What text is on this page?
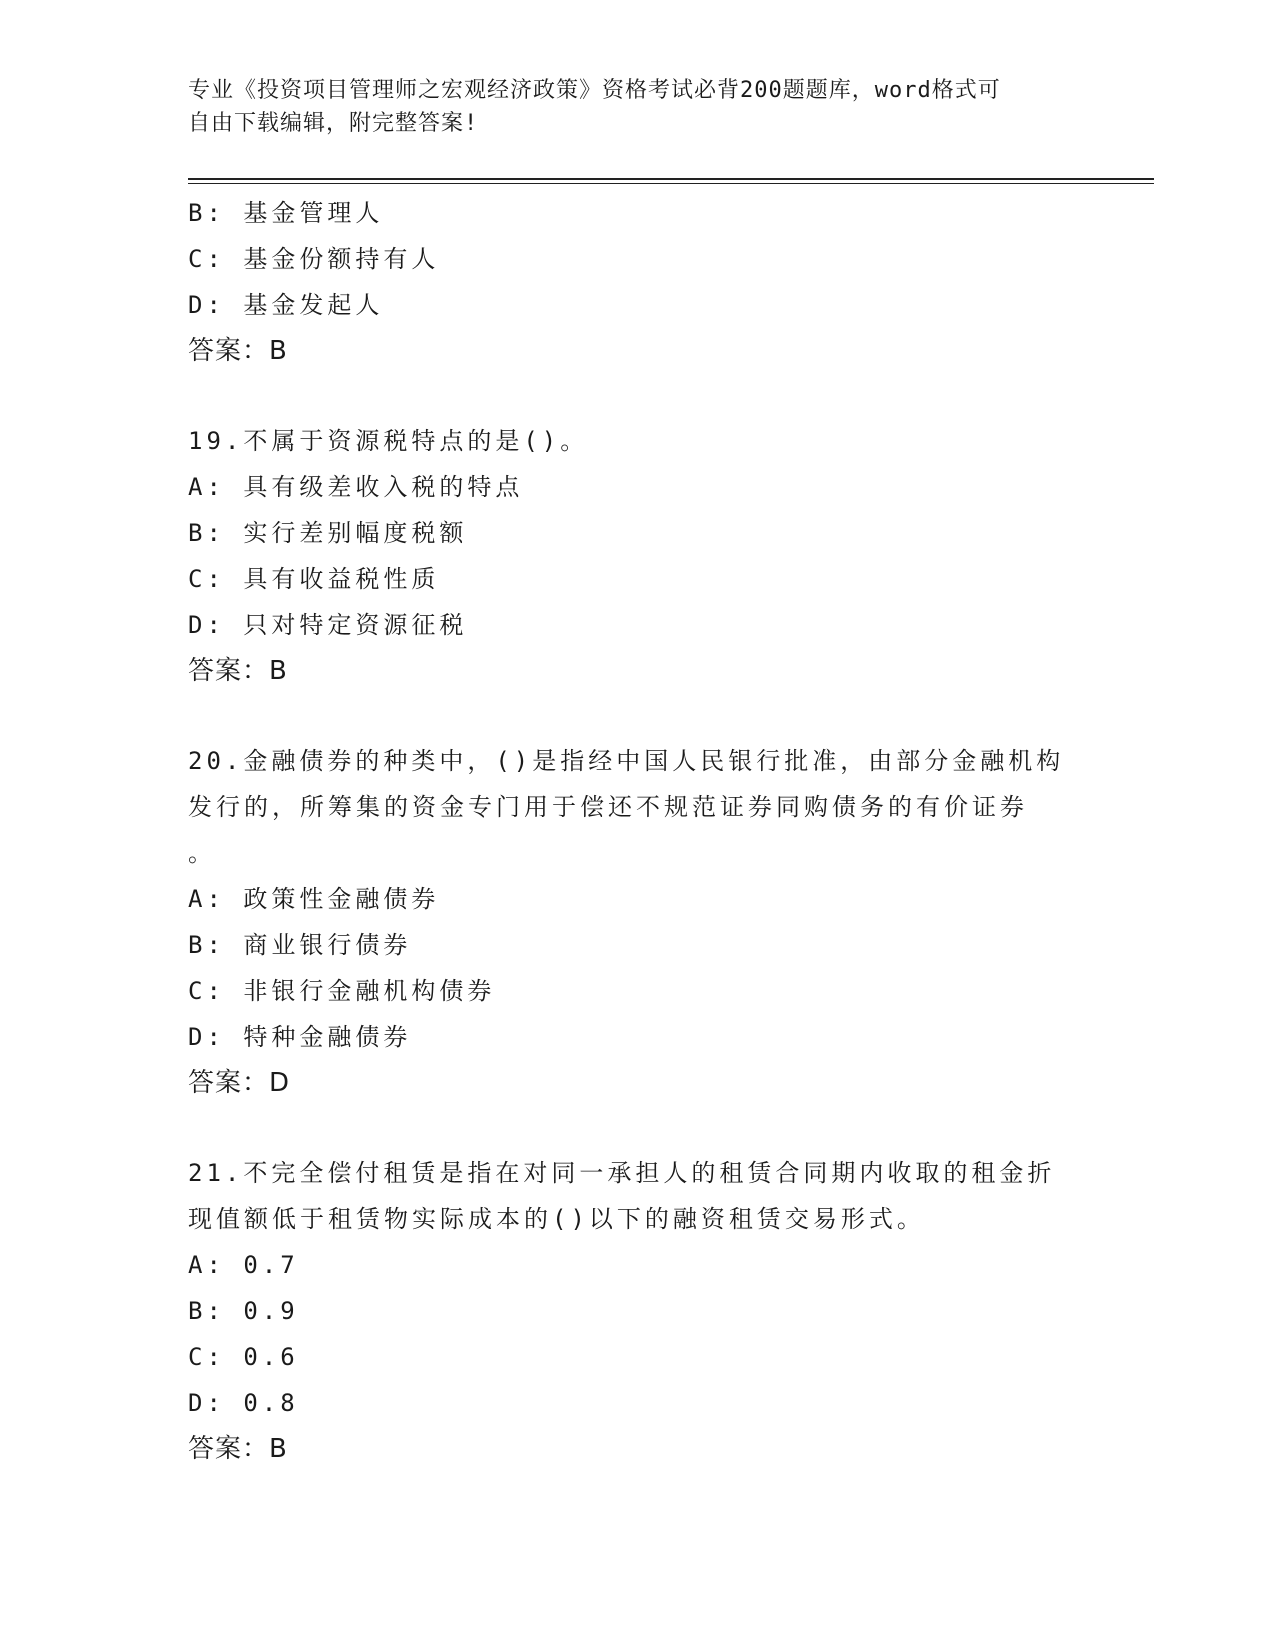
专业《投资项目管理师之宏观经济政策》资格考试必背200题题库，word格式可
自由下载编辑，附完整答案!
B: 基金管理人
C: 基金份额持有人
D: 基金发起人
答案：B
19.不属于资源税特点的是()。
A: 具有级差收入税的特点
B: 实行差别幅度税额
C: 具有收益税性质
D: 只对特定资源征税
答案：B
20.金融债券的种类中，()是指经中国人民银行批准，由部分金融机构
发行的，所筹集的资金专门用于偿还不规范证券同购债务的有价证券
。
A: 政策性金融债券
B: 商业银行债券
C: 非银行金融机构债券
D: 特种金融债券
答案：D
21.不完全偿付租赁是指在对同一承担人的租赁合同期内收取的租金折
现值额低于租赁物实际成本的()以下的融资租赁交易形式。
A: 0.7
B: 0.9
C: 0.6
D: 0.8
答案：B
